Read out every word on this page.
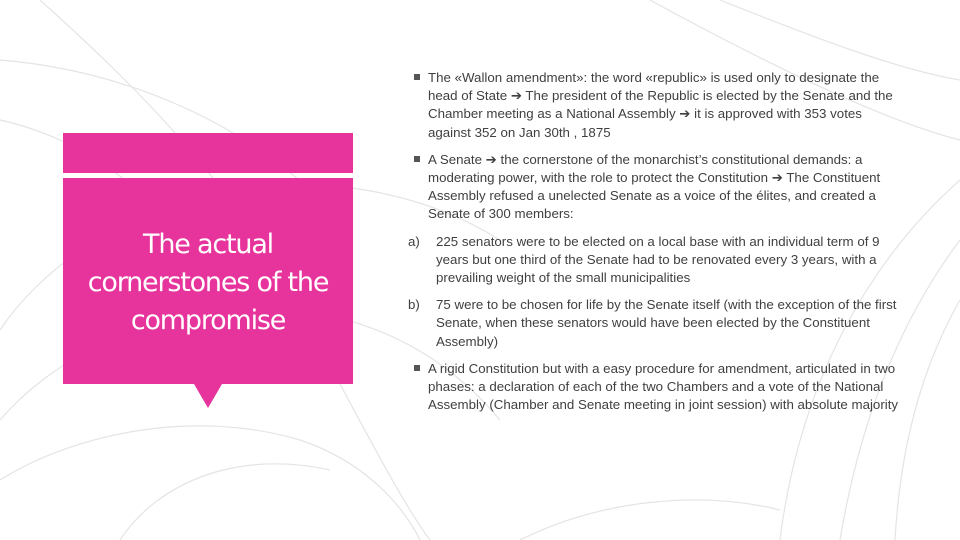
The actual cornerstones of the compromise
The «Wallon amendment»: the word «republic» is used only to designate the head of State ➔ The president of the Republic is elected by the Senate and the Chamber meeting as a National Assembly ➔ it is approved with 353 votes against 352 on Jan 30th , 1875
A Senate ➔ the cornerstone of the monarchist’s constitutional demands: a moderating power, with the role to protect the Constitution ➔ The Constituent Assembly refused a unelected Senate as a voice of the élites, and created a Senate of 300 members:
a) 225 senators were to be elected on a local base with an individual term of 9 years but one third of the Senate had to be renovated every 3 years, with a prevailing weight of the small municipalities
b) 75 were to be chosen for life by the Senate itself (with the exception of the first Senate, when these senators would have been elected by the Constituent Assembly)
A rigid Constitution but with a easy procedure for amendment, articulated in two phases: a declaration of each of the two Chambers and a vote of the National Assembly (Chamber and Senate meeting in joint session) with absolute majority
